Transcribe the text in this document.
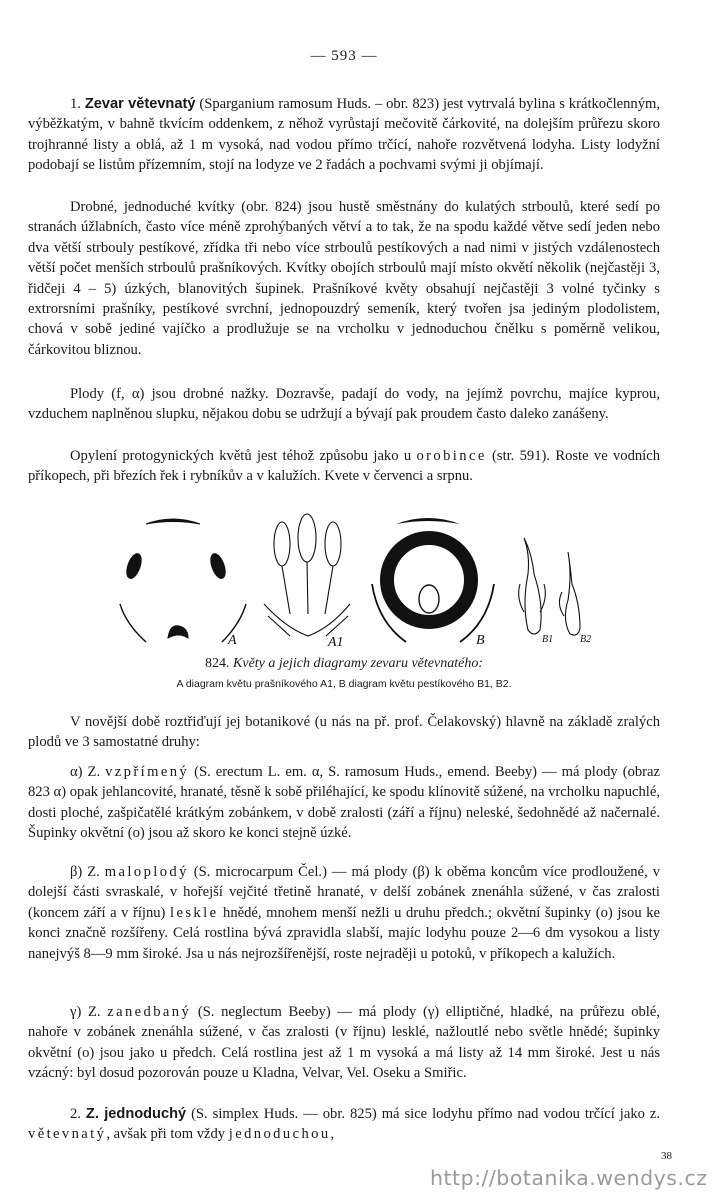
— 593 —

1. Zevar větevnatý (Sparganium ramosum Huds. – obr. 823) jest vytrvalá bylina s krátkočlenným, výběžkatým, v bahně tkvícím oddenkem, z něhož vyrůstají mečovitě čárkovité, na dolejším průřezu skoro trojhranné listy a oblá, až 1 m vysoká, nad vodou přímo trčící, nahoře rozvětvená lodyha. Listy lodyžní podobají se listům přízemním, stojí na lodyze ve 2 řadách a pochvami svými ji objímají.

Drobné, jednoduché kvítky (obr. 824) jsou hustě směstnány do kulatých strboulů, které sedí po stranách úžlabních, často více méně zprohýbaných větví a to tak, že na spodu každé větve sedí jeden nebo dva větší strbouly pestíkové, zřídka tři nebo více strboulů pestíkových a nad nimi v jistých vzdálenostech větší počet menších strboulů prašníkových. Kvítky obojích strboulů mají místo okvětí několik (nejčastěji 3, řidčeji 4 – 5) úzkých, blanovitých šupinek. Prašníkové květy obsahují nejčastěji 3 volné tyčinky s extrorsními prašníky, pestíkové svrchní, jednopouzdrý semeník, který tvořen jsa jediným plodolistem, chová v sobě jediné vajíčko a prodlužuje se na vrcholku v jednoduchou čnělku s poměrně velikou, čárkovitou bliznou.

Plody (f, α) jsou drobné nažky. Dozravše, padají do vody, na jejímž povrchu, majíce kyprou, vzduchem naplněnou slupku, nějakou dobu se udržují a bývají pak proudem často daleko zanášeny.

Opylení protogynických květů jest téhož způsobu jako u orobince (str. 591). Roste ve vodních příkopech, při březích řek i rybníkův a v kalužích. Kvete v červenci a srpnu.

A	A1	B	B1	B2
824. Květy a jejich diagramy zevaru větevnatého:
A diagram květu prašníkového A1, B diagram květu pestíkového B1, B2.

V novější době roztřiďují jej botanikové (u nás na př. prof. Čelakovský) hlavně na základě zralých plodů ve 3 samostatné druhy:

α) Z. vzpřímený (S. erectum L. em. α, S. ramosum Huds., emend. Beeby) — má plody (obraz 823 α) opak jehlancovité, hranaté, těsně k sobě přiléhající, ke spodu klínovitě súžené, na vrcholku napuchlé, dosti ploché, zašpičatělé krátkým zobánkem, v době zralosti (září a říjnu) neleské, šedohnědé až načernalé. Šupinky okvětní (o) jsou až skoro ke konci stejně úzké.

β) Z. maloplodý (S. microcarpum Čel.) — má plody (β) k oběma koncům více prodloužené, v dolejší části svraskalé, v hořejší vejčité třetině hranaté, v delší zobánek znenáhla súžené, v čas zralosti (koncem září a v říjnu) leskle hnědé, mnohem menší nežli u druhu předch.; okvětní šupinky (o) jsou ke konci značně rozšířeny. Celá rostlina bývá zpravidla slabší, majíc lodyhu pouze 2—6 dm vysokou a listy nanejvýš 8—9 mm široké. Jsa u nás nejrozšířenější, roste nejraději u potoků, v příkopech a kalužích.

γ) Z. zanedbaný (S. neglectum Beeby) — má plody (γ) elliptičné, hladké, na průřezu oblé, nahoře v zobánek znenáhla súžené, v čas zralosti (v říjnu) lesklé, nažloutlé nebo světle hnědé; šupinky okvětní (o) jsou jako u předch. Celá rostlina jest až 1 m vysoká a má listy až 14 mm široké. Jest u nás vzácný: byl dosud pozorován pouze u Kladna, Velvar, Vel. Oseku a Smiřic.

2. Z. jednoduchý (S. simplex Huds. — obr. 825) má sice lodyhu přímo nad vodou trčící jako z. větevnatý, avšak při tom vždy jednoduchou,

38
http://botanika.wendys.cz
